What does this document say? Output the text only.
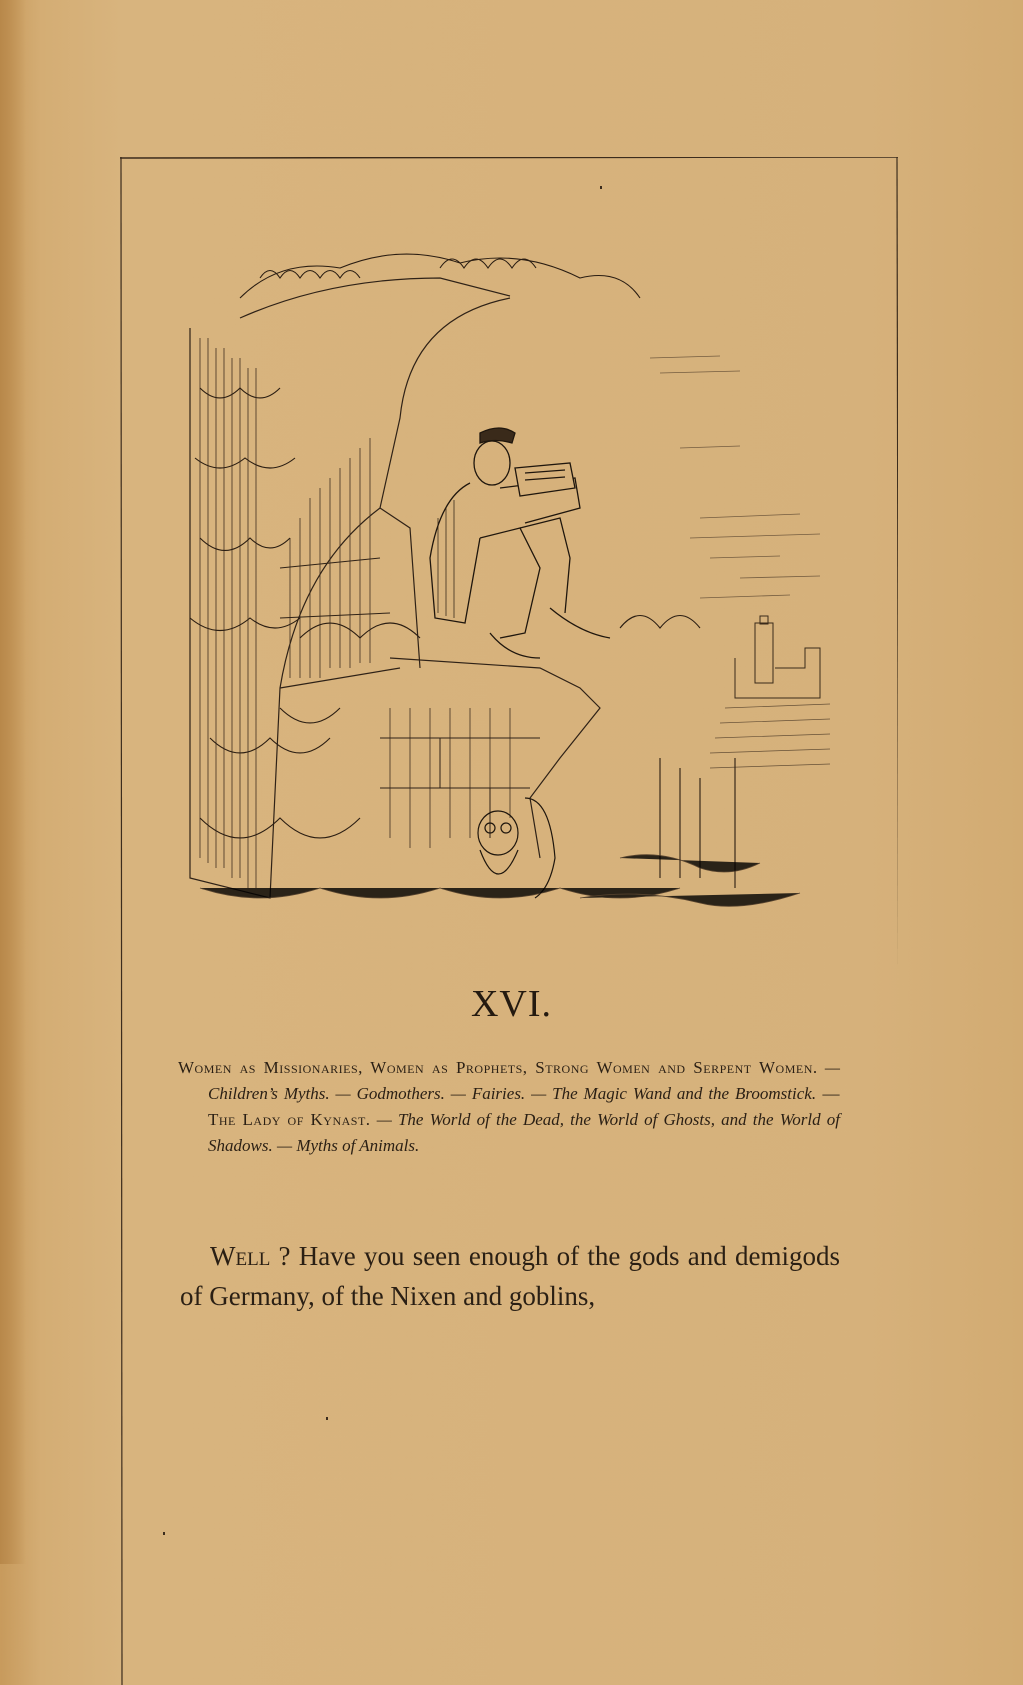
XVI.
Women as Missionaries, Women as Prophets, Strong Women and Serpent Women. — Children’s Myths. — Godmothers. — Fairies. — The Magic Wand and the Broomstick. — The Lady of Kynast. — The World of the Dead, the World of Ghosts, and the World of Shadows. — Myths of Animals.
Well ? Have you seen enough of the gods and demigods of Germany, of the Nixen and goblins,
